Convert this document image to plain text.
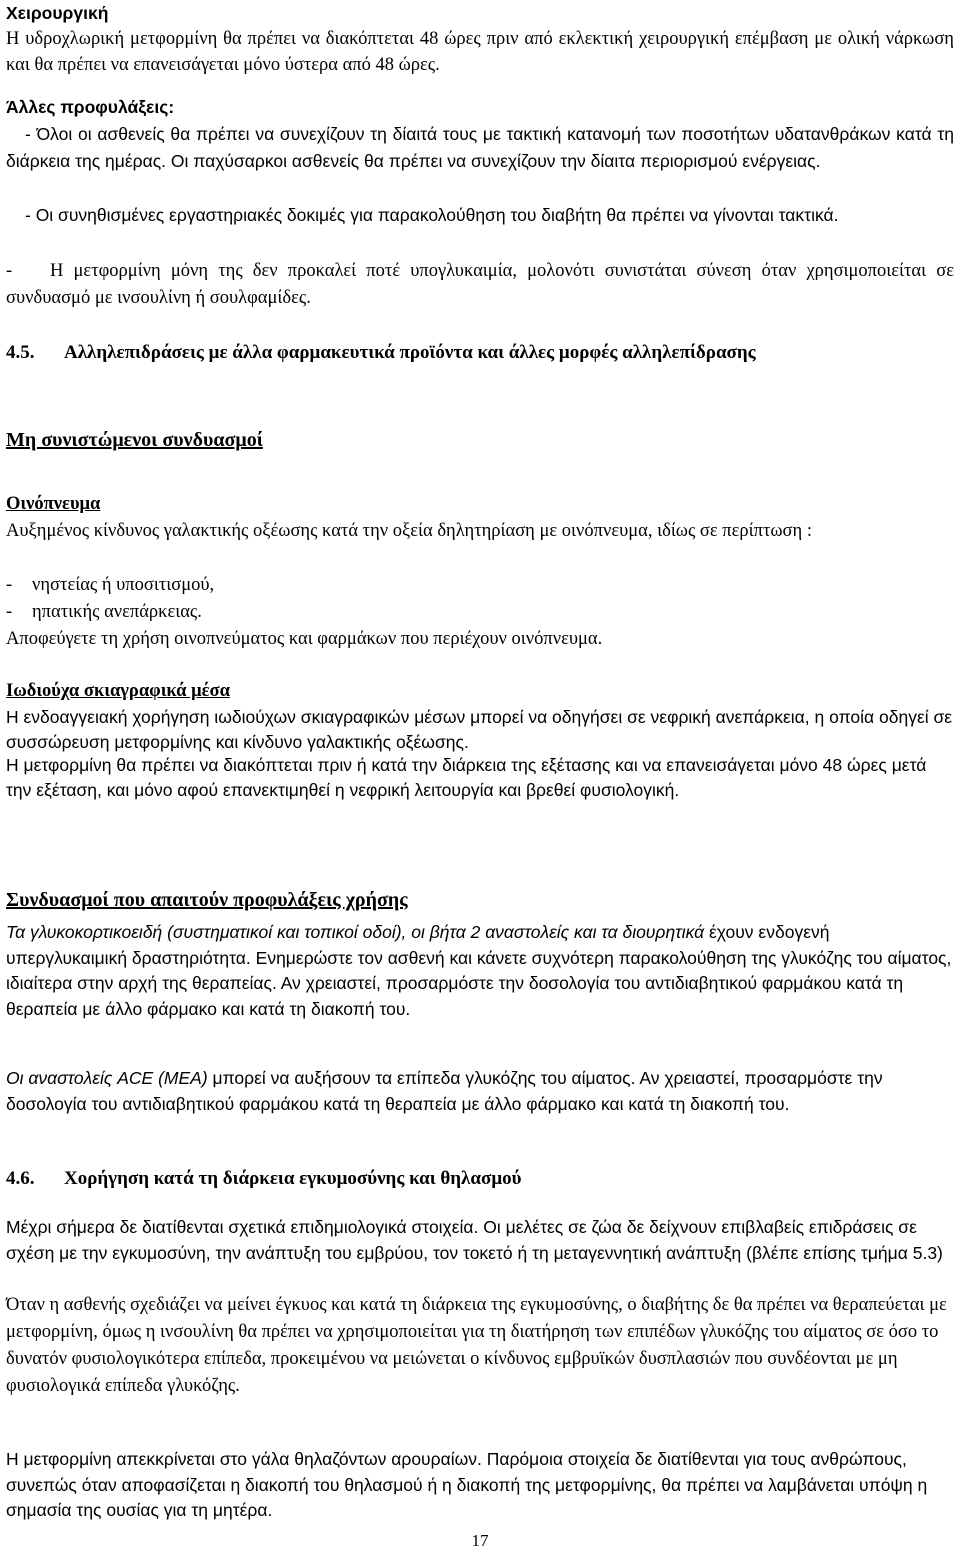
Χειρουργική

Η υδροχλωρική μετφορμίνη θα πρέπει να διακόπτεται 48 ώρες πριν από εκλεκτική χειρουργική επέμβαση με ολική νάρκωση και θα πρέπει να επανεισάγεται μόνο ύστερα από 48 ώρες.

Άλλες προφυλάξεις:

- Όλοι οι ασθενείς θα πρέπει να συνεχίζουν τη δίαιτά τους με τακτική κατανομή των ποσοτήτων υδατανθράκων κατά τη διάρκεια της ημέρας. Οι παχύσαρκοι ασθενείς θα πρέπει να συνεχίζουν την δίαιτα περιορισμού ενέργειας.

- Οι συνηθισμένες εργαστηριακές δοκιμές για παρακολούθηση του διαβήτη θα πρέπει να γίνονται τακτικά.

-	Η μετφορμίνη μόνη της δεν προκαλεί ποτέ υπογλυκαιμία, μολονότι συνιστάται σύνεση όταν χρησιμοποιείται σε συνδυασμό με ινσουλίνη ή σουλφαμίδες.

4.5. Αλληλεπιδράσεις με άλλα φαρμακευτικά προϊόντα και άλλες μορφές αλληλεπίδρασης

Μη συνιστώμενοι συνδυασμοί

Οινόπνευμα

Αυξημένος κίνδυνος γαλακτικής οξέωσης κατά την οξεία δηλητηρίαση με οινόπνευμα, ιδίως σε περίπτωση :

-	νηστείας ή υποσιτισμού,
-	ηπατικής ανεπάρκειας.

Αποφεύγετε τη χρήση οινοπνεύματος και φαρμάκων που περιέχουν οινόπνευμα.

Ιωδιούχα σκιαγραφικά μέσα

Η ενδοαγγειακή χορήγηση ιωδιούχων σκιαγραφικών μέσων μπορεί να οδηγήσει σε νεφρική ανεπάρκεια, η οποία οδηγεί σε συσσώρευση μετφορμίνης και κίνδυνο γαλακτικής οξέωσης.

Η μετφορμίνη θα πρέπει να διακόπτεται πριν ή κατά την διάρκεια της εξέτασης και να επανεισάγεται μόνο 48 ώρες μετά την εξέταση, και μόνο αφού επανεκτιμηθεί η νεφρική λειτουργία και βρεθεί φυσιολογική.

Συνδυασμοί που απαιτούν προφυλάξεις χρήσης

Τα γλυκοκορτικοειδή (συστηματικοί και τοπικοί οδοί), οι βήτα 2 αναστολείς και τα διουρητικά έχουν ενδογενή υπεργλυκαιμική δραστηριότητα. Ενημερώστε τον ασθενή και κάνετε συχνότερη παρακολούθηση της γλυκόζης του αίματος, ιδιαίτερα στην αρχή της θεραπείας. Αν χρειαστεί, προσαρμόστε την δοσολογία του αντιδιαβητικού φαρμάκου κατά τη θεραπεία με άλλο φάρμακο και κατά τη διακοπή του.

Οι αναστολείς ACE (MEA) μπορεί να αυξήσουν τα επίπεδα γλυκόζης του αίματος. Αν χρειαστεί, προσαρμόστε την δοσολογία του αντιδιαβητικού φαρμάκου κατά τη θεραπεία με άλλο φάρμακο και κατά τη διακοπή του.

4.6. Χορήγηση κατά τη διάρκεια εγκυμοσύνης και θηλασμού

Μέχρι σήμερα δε διατίθενται σχετικά επιδημιολογικά στοιχεία. Οι μελέτες σε ζώα δε δείχνουν επιβλαβείς επιδράσεις σε σχέση με την εγκυμοσύνη, την ανάπτυξη του εμβρύου, τον τοκετό ή τη μεταγεννητική ανάπτυξη (βλέπε επίσης τμήμα 5.3)

Όταν η ασθενής σχεδιάζει να μείνει έγκυος και κατά τη διάρκεια της εγκυμοσύνης, ο διαβήτης δε θα πρέπει να θεραπεύεται με μετφορμίνη, όμως η ινσουλίνη θα πρέπει να χρησιμοποιείται για τη διατήρηση των επιπέδων γλυκόζης του αίματος σε όσο το δυνατόν φυσιολογικότερα επίπεδα, προκειμένου να μειώνεται ο κίνδυνος εμβρυϊκών δυσπλασιών που συνδέονται με μη φυσιολογικά επίπεδα γλυκόζης.

Η μετφορμίνη απεκκρίνεται στο γάλα θηλαζόντων αρουραίων. Παρόμοια στοιχεία δε διατίθενται για τους ανθρώπους, συνεπώς όταν αποφασίζεται η διακοπή του θηλασμού ή η διακοπή της μετφορμίνης, θα πρέπει να λαμβάνεται υπόψη η σημασία της ουσίας για τη μητέρα.

17
